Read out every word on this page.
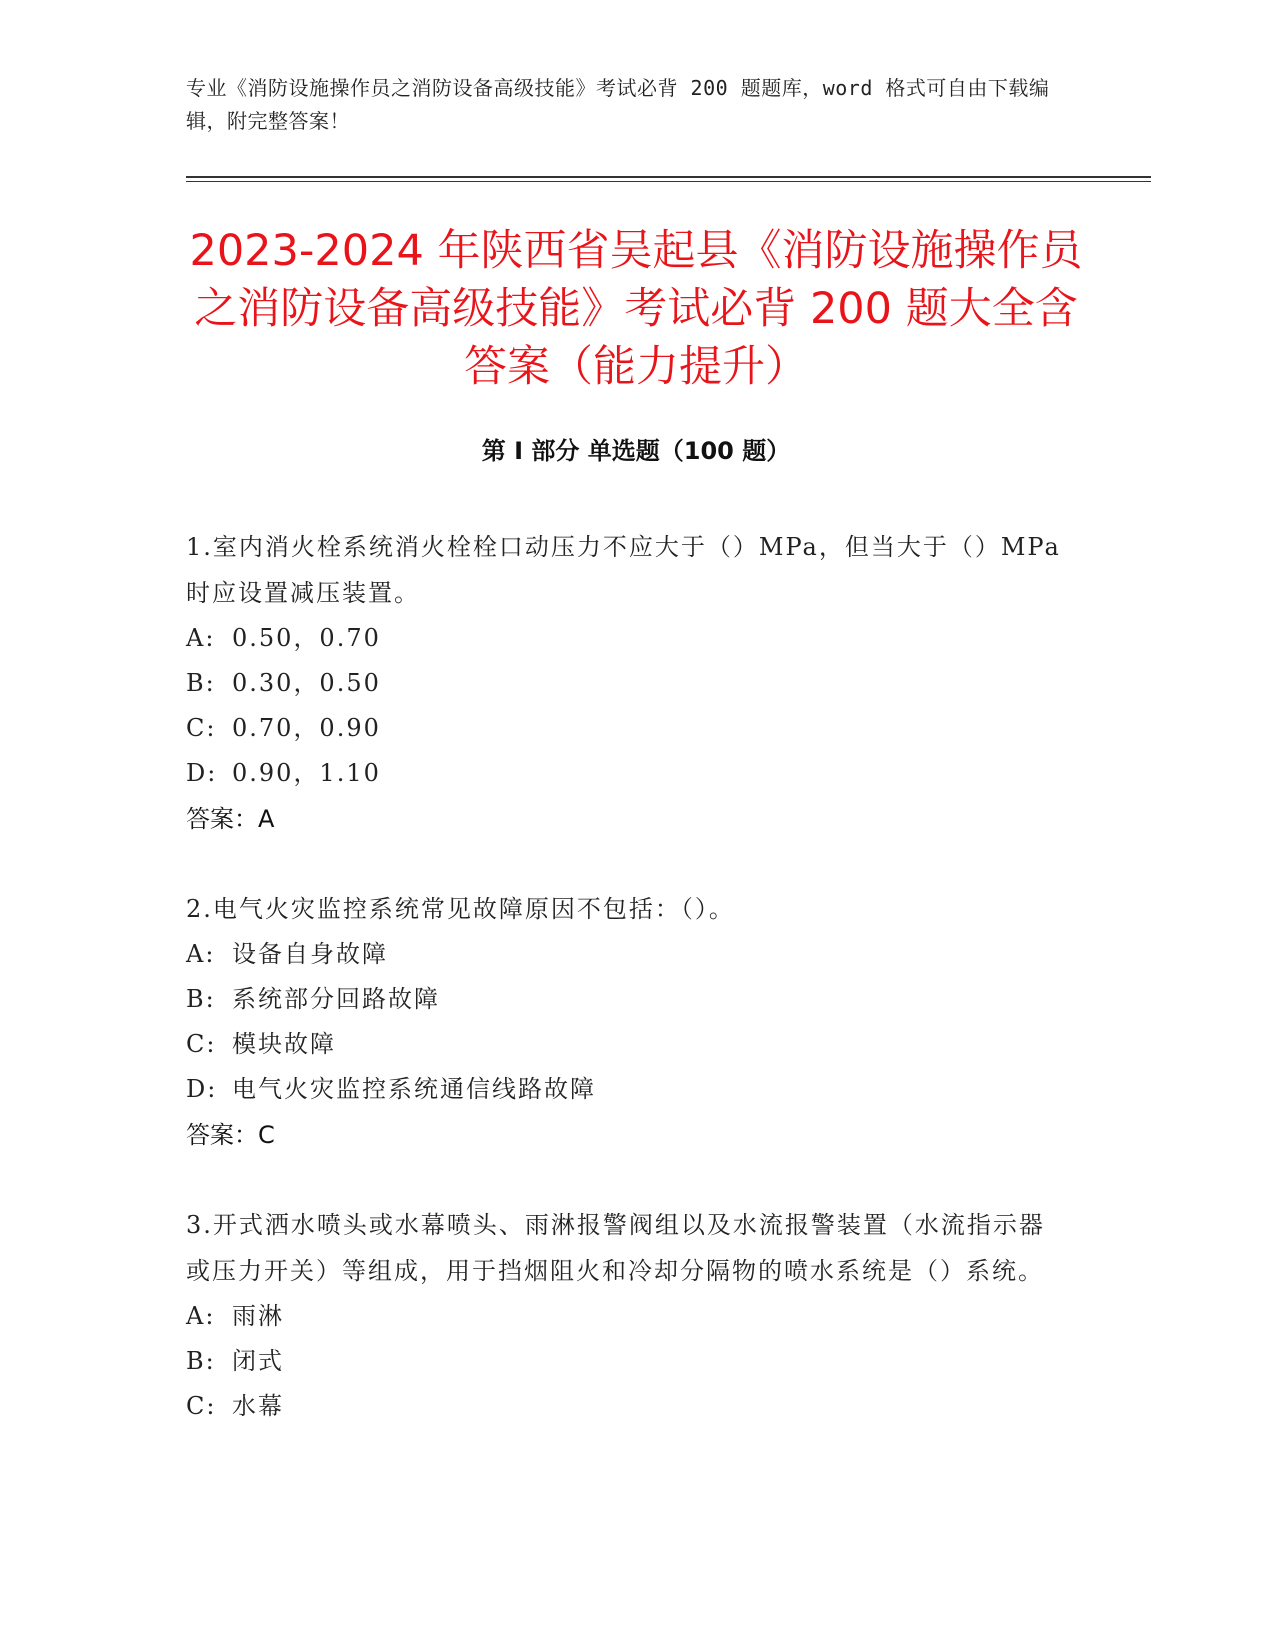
专业《消防设施操作员之消防设备高级技能》考试必背 200 题题库，word 格式可自由下载编辑，附完整答案！
2023-2024 年陕西省吴起县《消防设施操作员之消防设备高级技能》考试必背 200 题大全含答案（能力提升）
第 I 部分 单选题（100 题）

1.室内消火栓系统消火栓栓口动压力不应大于（）MPa，但当大于（）MPa 时应设置减压装置。

A: 0.50，0.70
B: 0.30，0.50
C: 0.70，0.90
D: 0.90，1.10
答案：A

2.电气火灾监控系统常见故障原因不包括：（）。

A: 设备自身故障
B: 系统部分回路故障
C: 模块故障
D: 电气火灾监控系统通信线路故障
答案：C

3.开式洒水喷头或水幕喷头、雨淋报警阀组以及水流报警装置（水流指示器或压力开关）等组成，用于挡烟阻火和冷却分隔物的喷水系统是（）系统。

A: 雨淋
B: 闭式
C: 水幕
